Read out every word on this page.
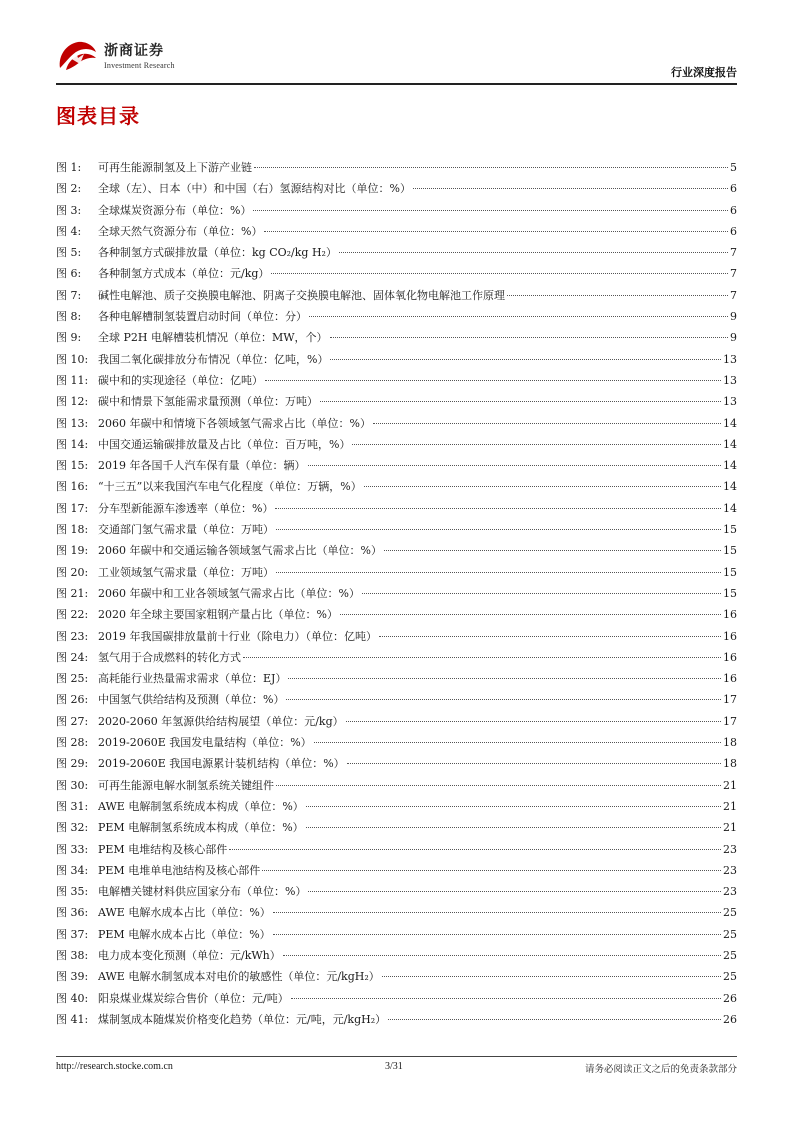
浙商证券
Investment Research
行业深度报告
图表目录
图 1:	可再生能源制氢及上下游产业链	5
图 2:	全球（左）、日本（中）和中国（右）氢源结构对比（单位：%）	6
图 3:	全球煤炭资源分布（单位：%）	6
图 4:	全球天然气资源分布（单位：%）	6
图 5:	各种制氢方式碳排放量（单位：kg CO₂/kg H₂）	7
图 6:	各种制氢方式成本（单位：元/kg）	7
图 7:	碱性电解池、质子交换膜电解池、阴离子交换膜电解池、固体氧化物电解池工作原理	7
图 8:	各种电解槽制氢装置启动时间（单位：分）	9
图 9:	全球 P2H 电解槽装机情况（单位：MW，个）	9
图 10: 我国二氧化碳排放分布情况（单位：亿吨，%）	13
图 11: 碳中和的实现途径（单位：亿吨）	13
图 12: 碳中和情景下氢能需求量预测（单位：万吨）	13
图 13: 2060 年碳中和情境下各领域氢气需求占比（单位：%）	14
图 14: 中国交通运输碳排放量及占比（单位：百万吨，%）	14
图 15: 2019 年各国千人汽车保有量（单位：辆）	14
图 16: “十三五”以来我国汽车电气化程度（单位：万辆，%）	14
图 17: 分车型新能源车渗透率（单位：%）	14
图 18: 交通部门氢气需求量（单位：万吨）	15
图 19: 2060 年碳中和交通运输各领域氢气需求占比（单位：%）	15
图 20: 工业领域氢气需求量（单位：万吨）	15
图 21: 2060 年碳中和工业各领域氢气需求占比（单位：%）	15
图 22: 2020 年全球主要国家粗钢产量占比（单位：%）	16
图 23: 2019 年我国碳排放量前十行业（除电力）（单位：亿吨）	16
图 24: 氢气用于合成燃料的转化方式	16
图 25: 高耗能行业热量需求需求（单位：EJ）	16
图 26: 中国氢气供给结构及预测（单位：%）	17
图 27: 2020-2060 年氢源供给结构展望（单位：元/kg）	17
图 28: 2019-2060E 我国发电量结构（单位：%）	18
图 29: 2019-2060E 我国电源累计装机结构（单位：%）	18
图 30: 可再生能源电解水制氢系统关键组件	21
图 31: AWE 电解制氢系统成本构成（单位：%）	21
图 32: PEM 电解制氢系统成本构成（单位：%）	21
图 33: PEM 电堆结构及核心部件	23
图 34: PEM 电堆单电池结构及核心部件	23
图 35: 电解槽关键材料供应国家分布（单位：%）	23
图 36: AWE 电解水成本占比（单位：%）	25
图 37: PEM 电解水成本占比（单位：%）	25
图 38: 电力成本变化预测（单位：元/kWh）	25
图 39: AWE 电解水制氢成本对电价的敏感性（单位：元/kgH₂）	25
图 40: 阳泉煤业煤炭综合售价（单位：元/吨）	26
图 41: 煤制氢成本随煤炭价格变化趋势（单位：元/吨，元/kgH₂）	26
http://research.stocke.com.cn	3/31	请务必阅读正文之后的免责条款部分
